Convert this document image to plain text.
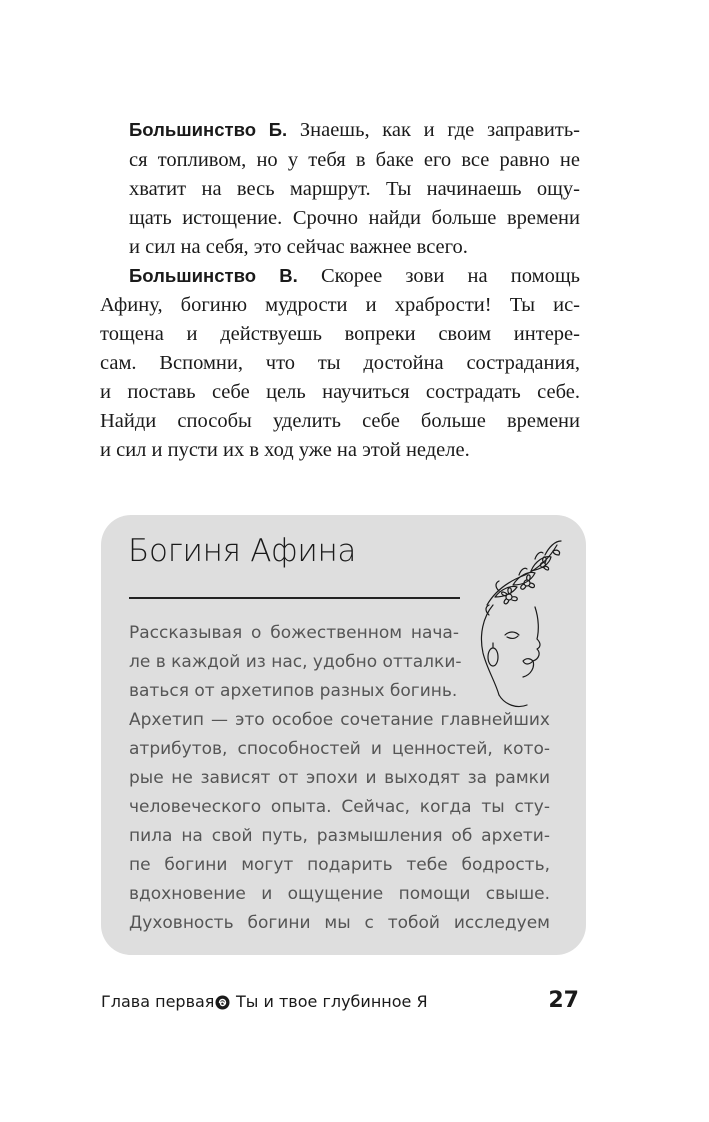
Большинство Б. Знаешь, как и где заправить-
ся топливом, но у тебя в баке его все равно не
хватит на весь маршрут. Ты начинаешь ощу-
щать истощение. Срочно найди больше времени
и сил на себя, это сейчас важнее всего.
Большинство В. Скорее зови на помощь
Афину, богиню мудрости и храбрости! Ты ис-
тощена и действуешь вопреки своим интере-
сам. Вспомни, что ты достойна сострадания,
и поставь себе цель научиться сострадать себе.
Найди способы уделить себе больше времени
и сил и пусти их в ход уже на этой неделе.
Богиня Афина
Рассказывая о божественном нача-
ле в каждой из нас, удобно отталки-
ваться от архетипов разных богинь.
Архетип — это особое сочетание главнейших
атрибутов, способностей и ценностей, кото-
рые не зависят от эпохи и выходят за рамки
человеческого опыта. Сейчас, когда ты сту-
пила на свой путь, размышления об архети-
пе богини могут подарить тебе бодрость,
вдохновение и ощущение помощи свыше.
Духовность богини мы с тобой исследуем
Глава первая Ты и твое глубинное Я	27
